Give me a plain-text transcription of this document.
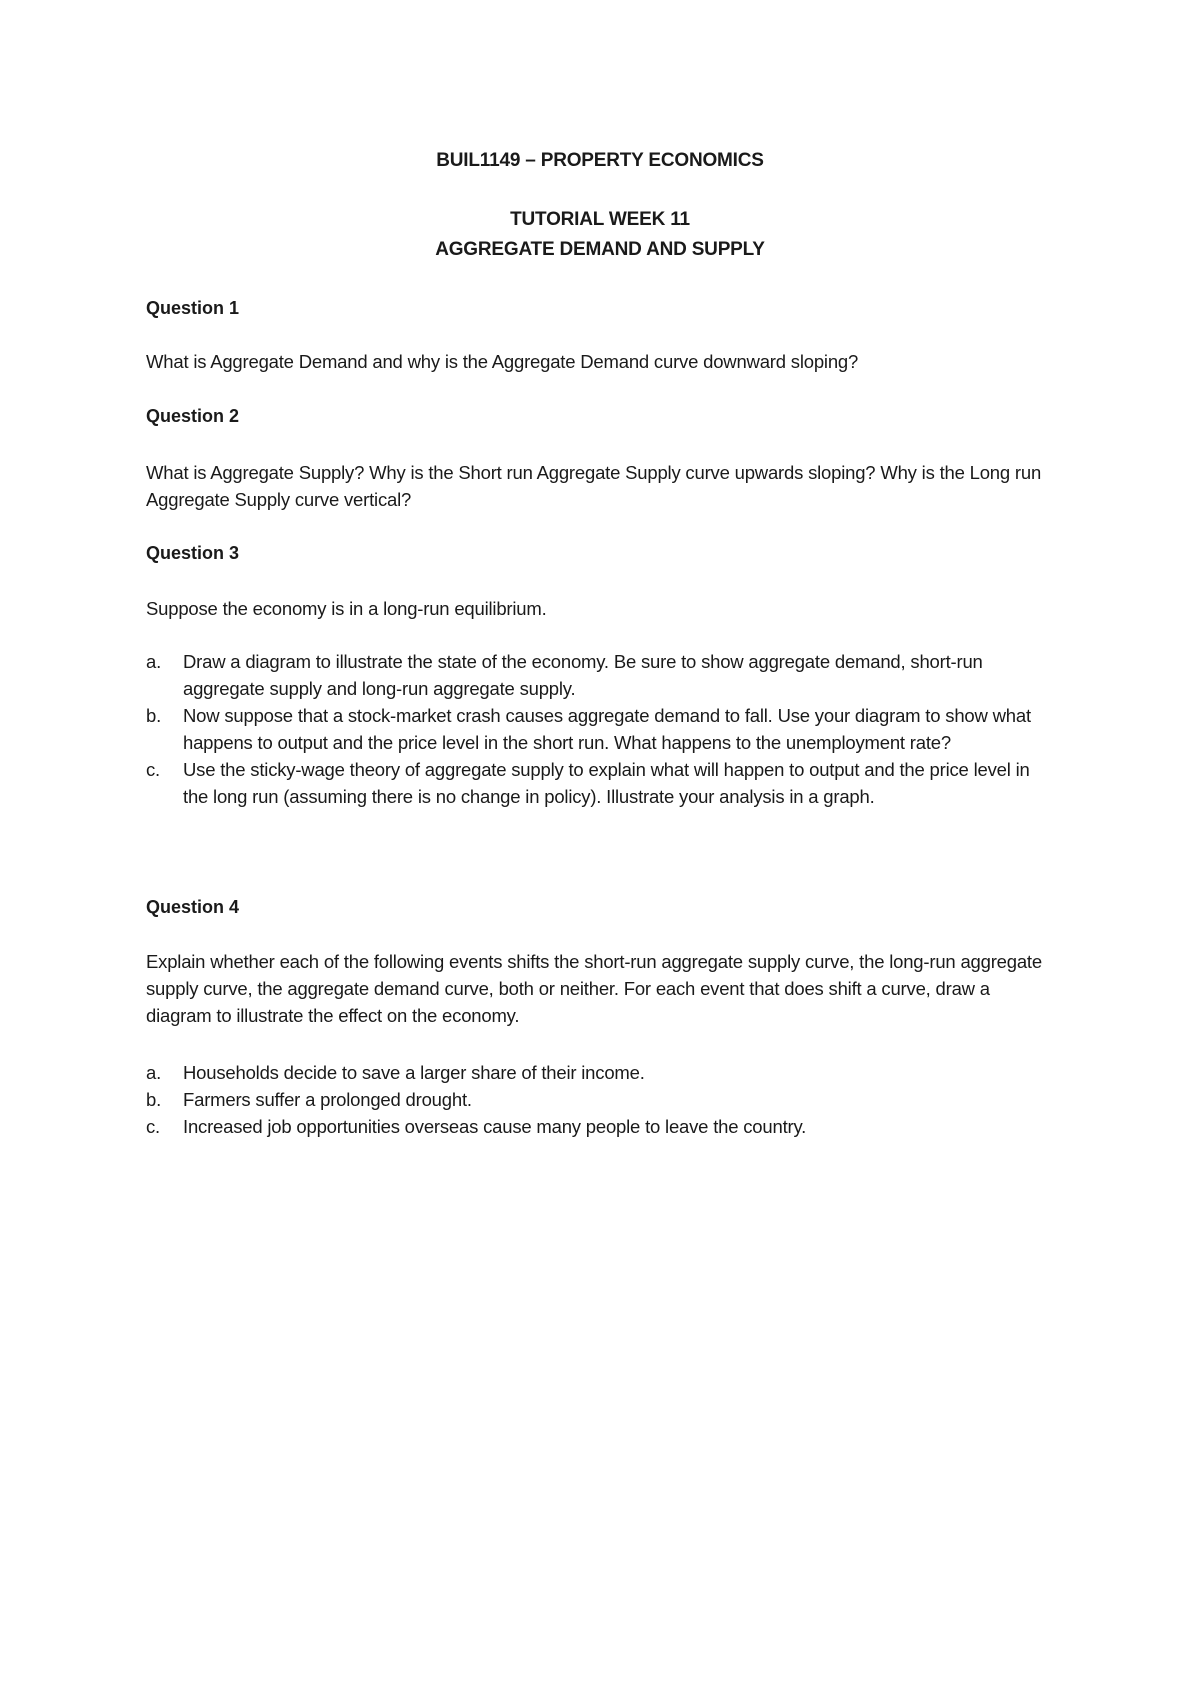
BUIL1149 – PROPERTY ECONOMICS
TUTORIAL WEEK 11
AGGREGATE DEMAND AND SUPPLY
Question 1
What is Aggregate Demand and why is the Aggregate Demand curve downward sloping?
Question 2
What is Aggregate Supply? Why is the Short run Aggregate Supply curve upwards sloping? Why is the Long run Aggregate Supply curve vertical?
Question 3
Suppose the economy is in a long-run equilibrium.
a.	Draw a diagram to illustrate the state of the economy. Be sure to show aggregate demand, short-run aggregate supply and long-run aggregate supply.
b.	Now suppose that a stock-market crash causes aggregate demand to fall. Use your diagram to show what happens to output and the price level in the short run. What happens to the unemployment rate?
c.	Use the sticky-wage theory of aggregate supply to explain what will happen to output and the price level in the long run (assuming there is no change in policy). Illustrate your analysis in a graph.
Question 4
Explain whether each of the following events shifts the short-run aggregate supply curve, the long-run aggregate supply curve, the aggregate demand curve, both or neither. For each event that does shift a curve, draw a diagram to illustrate the effect on the economy.
a.	Households decide to save a larger share of their income.
b.	Farmers suffer a prolonged drought.
c.	Increased job opportunities overseas cause many people to leave the country.
